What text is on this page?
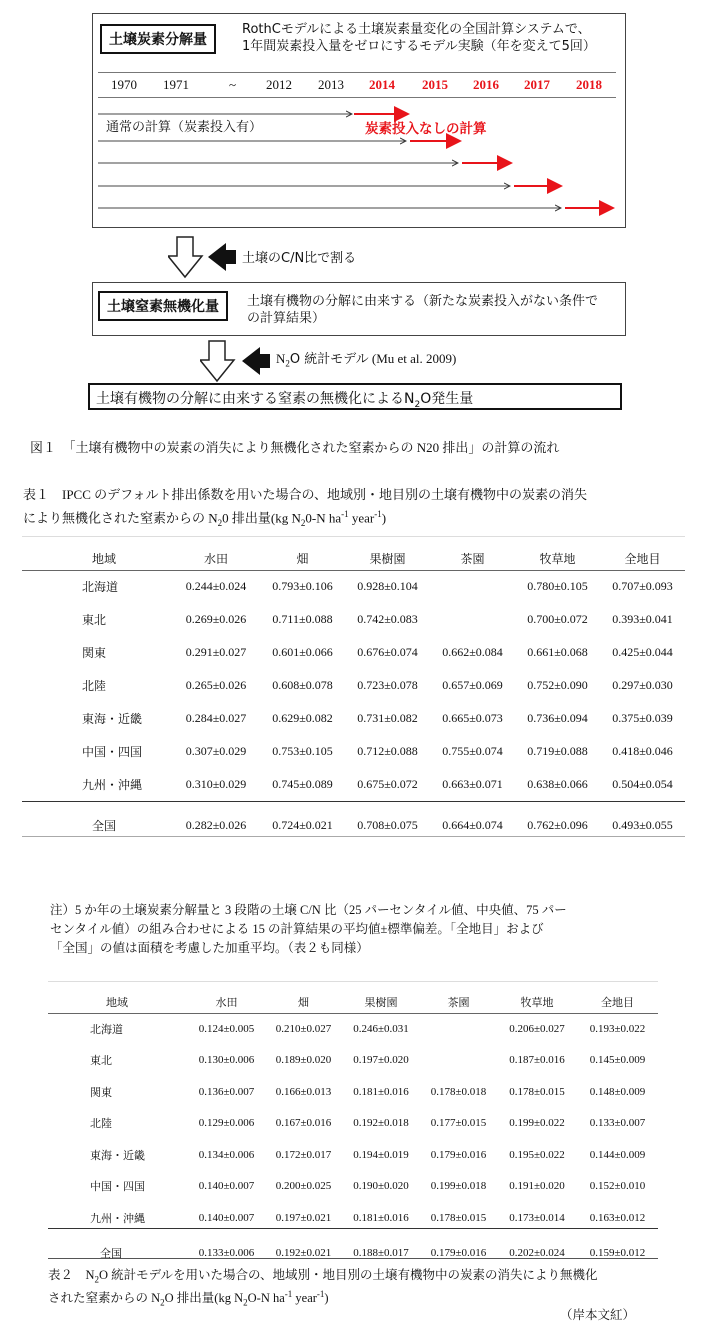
土壌炭素分解量
RothCモデルによる土壌炭素量変化の全国計算システムで、
1年間炭素投入量をゼロにするモデル実験（年を変えて5回）
1970 1971	~ 2012 2013 2014 2015 2016 2017 2018
通常の計算（炭素投入有）	炭素投入なしの計算
土壌のC/N比で割る
土壌窒素無機化量	土壌有機物の分解に由来する（新たな炭素投入がない条件で
の計算結果）
$N_2O$ 統計モデル (Mu et al. 2009)
土壌有機物の分解に由来する窒素の無機化による$N_2O$発生量
図１　「土壌有機物中の炭素の消失により無機化された窒素からの N20 排出」の計算の流れ
表１　IPCC のデフォルト排出係数を用いた場合の、地域別・地目別の土壌有機物中の炭素の消失
により無機化された窒素からの $N_20$ 排出量(kg $N_20-N$ $ha^{-1}$ year$^{-1}$)
地域	水田	畑	果樹園	茶園	牧草地	全地目
北海道	0.244±0.024	0.793±0.106	0.928±0.104		0.780±0.105	0.707±0.093
東北	0.269±0.026	0.711±0.088	0.742±0.083		0.700±0.072	0.393±0.041
関東	0.291±0.027	0.601±0.066	0.676±0.074	0.662±0.084	0.661±0.068	0.425±0.044
北陸	0.265±0.026	0.608±0.078	0.723±0.078	0.657±0.069	0.752±0.090	0.297±0.030
東海・近畿	0.284±0.027	0.629±0.082	0.731±0.082	0.665±0.073	0.736±0.094	0.375±0.039
中国・四国	0.307±0.029	0.753±0.105	0.712±0.088	0.755±0.074	0.719±0.088	0.418±0.046
九州・沖縄	0.310±0.029	0.745±0.089	0.675±0.072	0.663±0.071	0.638±0.066	0.504±0.054

全国	0.282±0.026	0.724±0.021	0.708±0.075	0.664±0.074	0.762±0.096	0.493±0.055
注）5 か年の土壌炭素分解量と 3 段階の土壌 C/N 比（25 パーセンタイル値、中央値、75 パー
センタイル値）の組み合わせによる 15 の計算結果の平均値±標準偏差。「全地目」および
「全国」の値は面積を考慮した加重平均。（表２も同様）
地域	水田	畑	果樹園	茶園	牧草地	全地目
北海道	0.124±0.005	0.210±0.027	0.246±0.031		0.206±0.027	0.193±0.022
東北	0.130±0.006	0.189±0.020	0.197±0.020		0.187±0.016	0.145±0.009
関東	0.136±0.007	0.166±0.013	0.181±0.016	0.178±0.018	0.178±0.015	0.148±0.009
北陸	0.129±0.006	0.167±0.016	0.192±0.018	0.177±0.015	0.199±0.022	0.133±0.007
東海・近畿	0.134±0.006	0.172±0.017	0.194±0.019	0.179±0.016	0.195±0.022	0.144±0.009
中国・四国	0.140±0.007	0.200±0.025	0.190±0.020	0.199±0.018	0.191±0.020	0.152±0.010
九州・沖縄	0.140±0.007	0.197±0.021	0.181±0.016	0.178±0.015	0.173±0.014	0.163±0.012

全国	0.133±0.006	0.192±0.021	0.188±0.017	0.179±0.016	0.202±0.024	0.159±0.012
表２　$N_2O$ 統計モデルを用いた場合の、地域別・地目別の土壌有機物中の炭素の消失により無機化
された窒素からの $N_2O$ 排出量(kg $N_2O-N$ $ha^{-1}$ year$^{-1}$)
（岸本文紅）
